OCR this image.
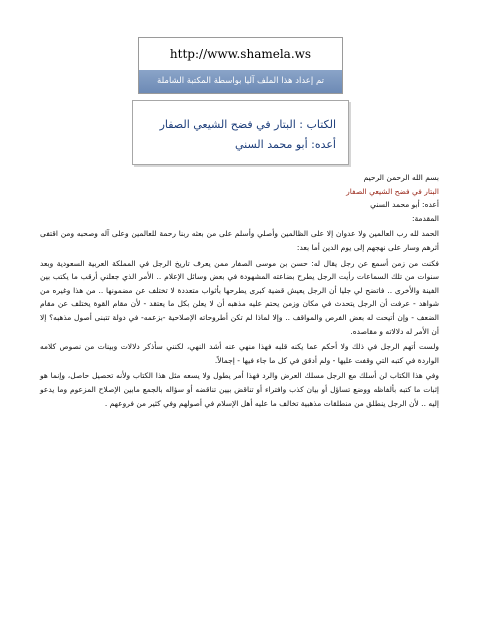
http://www.shamela.ws
تم إعداد هذا الملف آليا بواسطة المكتبة الشاملة
الكتاب : البتار في فضح الشيعي الصفار
أعده: أبو محمد السني
بسم الله الرحمن الرحيم
البتار في فضح الشيعي الصفار
أعده: أبو محمد السني
المقدمة:
الحمد لله رب العالمين ولا عدوان إلا على الظالمين وأصلي وأسلم على من بعثه ربنا رحمة للعالمين وعلى آله وصحبه ومن اقتفى أثرهم وسار على نهجهم إلى يوم الدين أما بعد:
فكنت من زمن أسمع عن رجل يقال له: حسن بن موسى الصفار ممن يعرف تاريخ الرجل في المملكة العربية السعودية وبعد سنوات من تلك السماعات رأيت الرجل يطرح بضاعته المشهودة في بعض وسائل الإعلام .. الأمر الذي جعلني أرقب ما يكتب بين الفينة والأخرى .. فاتضح لي جليا أن الرجل يعيش قضية كبرى يطرحها بأثواب متعددة لا تختلف عن مضمونها .. من هذا وغيره من شواهد - عرفت أن الرجل يتحدث في مكان وزمن يحتم عليه مذهبه أن لا يعلن بكل ما يعتقد - لأن مقام القوة يختلف عن مقام الضعف - وإن أتيحت له بعض الفرص والمواقف .. وإلا لماذا لم تكن أطروحاته الإصلاحية -بزعمه- في دولة تتبنى أصول مذهبه؟ إلا أن الأمر له دلالاته و مقاصده.
ولست أتهم الرجل في ذلك ولا أحكم عما يكنه قلبه فهذا منهي عنه أشد النهي، لكنني سأذكر دلالات وبينات من نصوص كلامه الواردة في كتبه التي وقفت عليها - ولم أدقق في كل ما جاء فيها - إجمالاً.
وفي هذا الكتاب لن أسلك مع الرجل مسلك العرض والرد فهذا أمر يطول ولا يسعه مثل هذا الكتاب ولأنه تحصيل حاصل، وإنما هو إثبات ما كتبه بألفاظه ووضع تساؤل أو بيان كذب وافتراء أو تناقض بيين تناقضه أو سؤاله بالجمع مابين الإصلاح المزعوم وما يدعو إليه .. لأن الرجل ينطلق من منطلقات مذهبية تخالف ما عليه أهل الإسلام في أصولهم وفي كثير من فروعهم .
